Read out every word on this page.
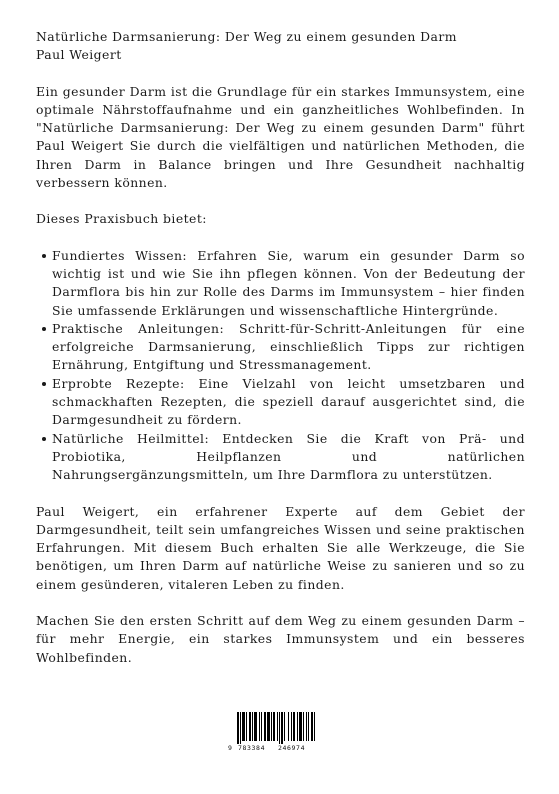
Natürliche Darmsanierung: Der Weg zu einem gesunden Darm

Paul Weigert

Ein gesunder Darm ist die Grundlage für ein starkes Immunsystem, eine optimale Nährstoffaufnahme und ein ganzheitliches Wohlbefinden. In "Natürliche Darmsanierung: Der Weg zu einem gesunden Darm" führt Paul Weigert Sie durch die vielfältigen und natürlichen Methoden, die Ihren Darm in Balance bringen und Ihre Gesundheit nachhaltig verbessern können.

Dieses Praxisbuch bietet:

Fundiertes Wissen: Erfahren Sie, warum ein gesunder Darm so wichtig ist und wie Sie ihn pflegen können. Von der Bedeutung der Darmflora bis hin zur Rolle des Darms im Immunsystem – hier finden Sie umfassende Erklärungen und wissenschaftliche Hintergründe.
Praktische Anleitungen: Schritt-für-Schritt-Anleitungen für eine erfolgreiche Darmsanierung, einschließlich Tipps zur richtigen Ernährung, Entgiftung und Stressmanagement.
Erprobte Rezepte: Eine Vielzahl von leicht umsetzbaren und schmackhaften Rezepten, die speziell darauf ausgerichtet sind, die Darmgesundheit zu fördern.
Natürliche Heilmittel: Entdecken Sie die Kraft von Prä- und Probiotika, Heilpflanzen und natürlichen Nahrungsergänzungsmitteln, um Ihre Darmflora zu unterstützen.

Paul Weigert, ein erfahrener Experte auf dem Gebiet der Darmgesundheit, teilt sein umfangreiches Wissen und seine praktischen Erfahrungen. Mit diesem Buch erhalten Sie alle Werkzeuge, die Sie benötigen, um Ihren Darm auf natürliche Weise zu sanieren und so zu einem gesünderen, vitaleren Leben zu finden.

Machen Sie den ersten Schritt auf dem Weg zu einem gesunden Darm – für mehr Energie, ein starkes Immunsystem und ein besseres Wohlbefinden.

9 783384 246974
